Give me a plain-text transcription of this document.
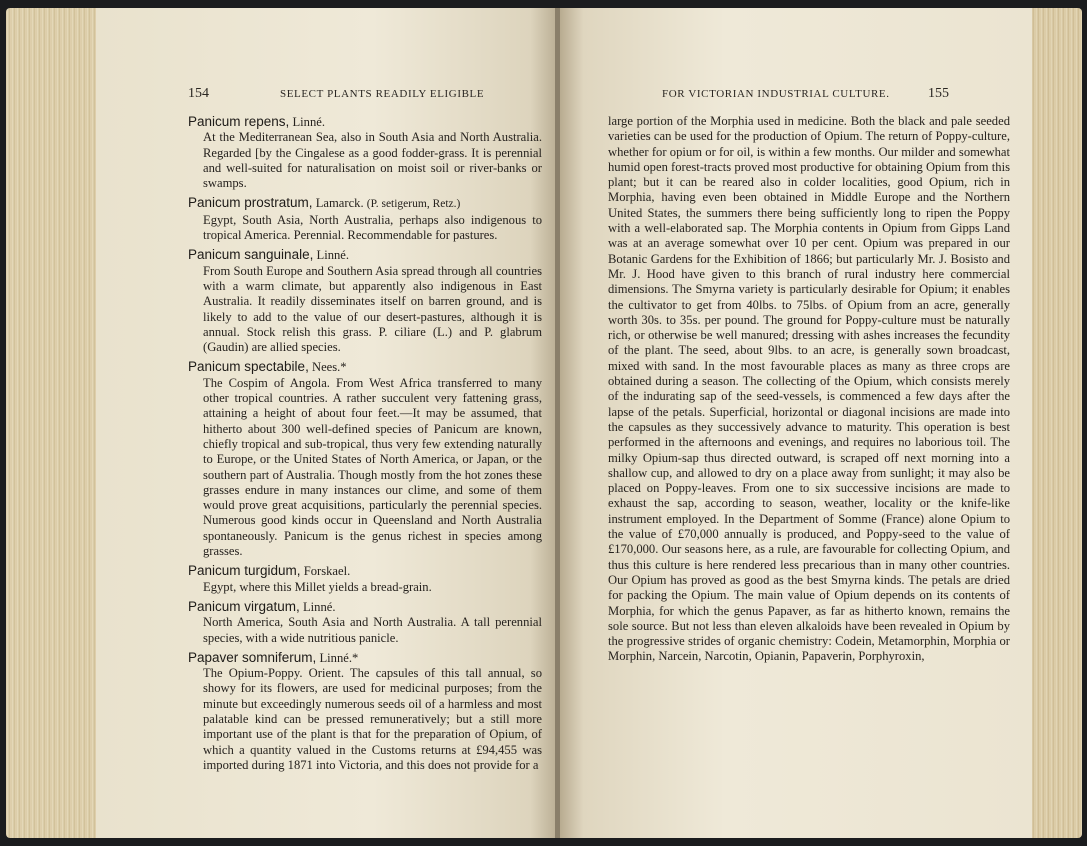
154	SELECT PLANTS READILY ELIGIBLE
Panicum repens, Linné.
At the Mediterranean Sea, also in South Asia and North Australia. Regarded [by the Cingalese as a good fodder-grass. It is perennial and well-suited for naturalisation on moist soil or river-banks or swamps.
Panicum prostratum, Lamarck. (P. setigerum, Retz.)
Egypt, South Asia, North Australia, perhaps also indigenous to tropical America. Perennial. Recommendable for pastures.
Panicum sanguinale, Linné.
From South Europe and Southern Asia spread through all countries with a warm climate, but apparently also indigenous in East Australia. It readily disseminates itself on barren ground, and is likely to add to the value of our desert-pastures, although it is annual. Stock relish this grass. P. ciliare (L.) and P. glabrum (Gaudin) are allied species.
Panicum spectabile, Nees.*
The Cospim of Angola. From West Africa transferred to many other tropical countries. A rather succulent very fattening grass, attaining a height of about four feet.—It may be assumed, that hitherto about 300 well-defined species of Panicum are known, chiefly tropical and sub-tropical, thus very few extending naturally to Europe, or the United States of North America, or Japan, or the southern part of Australia. Though mostly from the hot zones these grasses endure in many instances our clime, and some of them would prove great acquisitions, particularly the perennial species. Numerous good kinds occur in Queensland and North Australia spontaneously. Panicum is the genus richest in species among grasses.
Panicum turgidum, Forskael.
Egypt, where this Millet yields a bread-grain.
Panicum virgatum, Linné.
North America, South Asia and North Australia. A tall perennial species, with a wide nutritious panicle.
Papaver somniferum, Linné.*
The Opium-Poppy. Orient. The capsules of this tall annual, so showy for its flowers, are used for medicinal purposes; from the minute but exceedingly numerous seeds oil of a harmless and most palatable kind can be pressed remuneratively; but a still more important use of the plant is that for the preparation of Opium, of which a quantity valued in the Customs returns at £94,455 was imported during 1871 into Victoria, and this does not provide for a
FOR VICTORIAN INDUSTRIAL CULTURE.	155

large portion of the Morphia used in medicine. Both the black and pale seeded varieties can be used for the production of Opium. The return of Poppy-culture, whether for opium or for oil, is within a few months. Our milder and somewhat humid open forest-tracts proved most productive for obtaining Opium from this plant; but it can be reared also in colder localities, good Opium, rich in Morphia, having even been obtained in Middle Europe and the Northern United States, the summers there being sufficiently long to ripen the Poppy with a well-elaborated sap. The Morphia contents in Opium from Gipps Land was at an average somewhat over 10 per cent. Opium was prepared in our Botanic Gardens for the Exhibition of 1866; but particularly Mr. J. Bosisto and Mr. J. Hood have given to this branch of rural industry here commercial dimensions. The Smyrna variety is particularly desirable for Opium; it enables the cultivator to get from 40lbs. to 75lbs. of Opium from an acre, generally worth 30s. to 35s. per pound. The ground for Poppy-culture must be naturally rich, or otherwise be well manured; dressing with ashes increases the fecundity of the plant. The seed, about 9lbs. to an acre, is generally sown broadcast, mixed with sand. In the most favourable places as many as three crops are obtained during a season. The collecting of the Opium, which consists merely of the indurating sap of the seed-vessels, is commenced a few days after the lapse of the petals. Superficial, horizontal or diagonal incisions are made into the capsules as they successively advance to maturity. This operation is best performed in the afternoons and evenings, and requires no laborious toil. The milky Opium-sap thus directed outward, is scraped off next morning into a shallow cup, and allowed to dry on a place away from sunlight; it may also be placed on Poppy-leaves. From one to six successive incisions are made to exhaust the sap, according to season, weather, locality or the knife-like instrument employed. In the Department of Somme (France) alone Opium to the value of £70,000 annually is produced, and Poppy-seed to the value of £170,000. Our seasons here, as a rule, are favourable for collecting Opium, and thus this culture is here rendered less precarious than in many other countries. Our Opium has proved as good as the best Smyrna kinds. The petals are dried for packing the Opium. The main value of Opium depends on its contents of Morphia, for which the genus Papaver, as far as hitherto known, remains the sole source. But not less than eleven alkaloids have been revealed in Opium by the progressive strides of organic chemistry: Codein, Metamorphin, Morphia or Morphin, Narcein, Narcotin, Opianin, Papaverin, Porphyroxin,
